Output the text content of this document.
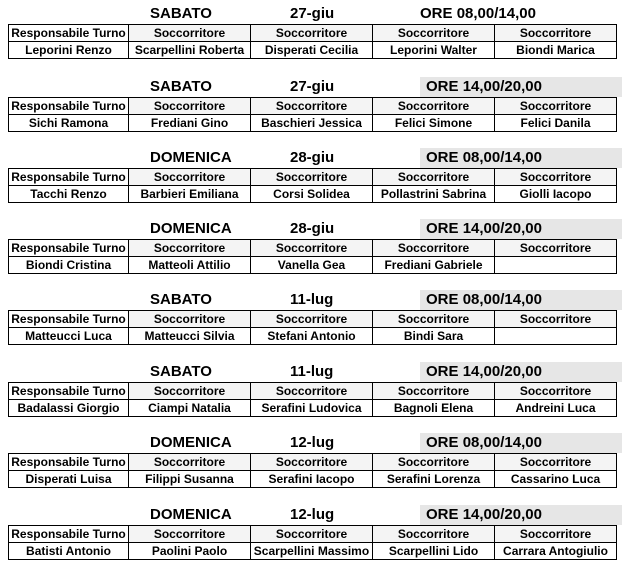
SABATO	27-giu	ORE 08,00/14,00
Responsabile Turno	Soccorritore	Soccorritore	Soccorritore	Soccorritore
Leporini Renzo	Scarpellini Roberta	Disperati Cecilia	Leporini Walter	Biondi Marica
SABATO	27-giu	ORE 14,00/20,00
Responsabile Turno	Soccorritore	Soccorritore	Soccorritore	Soccorritore
Sichi Ramona	Frediani Gino	Baschieri Jessica	Felici Simone	Felici Danila
DOMENICA	28-giu	ORE 08,00/14,00
Responsabile Turno	Soccorritore	Soccorritore	Soccorritore	Soccorritore
Tacchi Renzo	Barbieri Emiliana	Corsi Solidea	Pollastrini Sabrina	Giolli Iacopo
DOMENICA	28-giu	ORE 14,00/20,00
Responsabile Turno	Soccorritore	Soccorritore	Soccorritore	Soccorritore
Biondi Cristina	Matteoli Attilio	Vanella Gea	Frediani Gabriele	
SABATO	11-lug	ORE 08,00/14,00
Responsabile Turno	Soccorritore	Soccorritore	Soccorritore	Soccorritore
Matteucci Luca	Matteucci Silvia	Stefani Antonio	Bindi Sara	
SABATO	11-lug	ORE 14,00/20,00
Responsabile Turno	Soccorritore	Soccorritore	Soccorritore	Soccorritore
Badalassi Giorgio	Ciampi Natalia	Serafini Ludovica	Bagnoli Elena	Andreini Luca
DOMENICA	12-lug	ORE 08,00/14,00
Responsabile Turno	Soccorritore	Soccorritore	Soccorritore	Soccorritore
Disperati Luisa	Filippi Susanna	Serafini Iacopo	Serafini Lorenza	Cassarino Luca
DOMENICA	12-lug	ORE 14,00/20,00
Responsabile Turno	Soccorritore	Soccorritore	Soccorritore	Soccorritore
Batisti Antonio	Paolini Paolo	Scarpellini Massimo	Scarpellini Lido	Carrara Antogiulio
